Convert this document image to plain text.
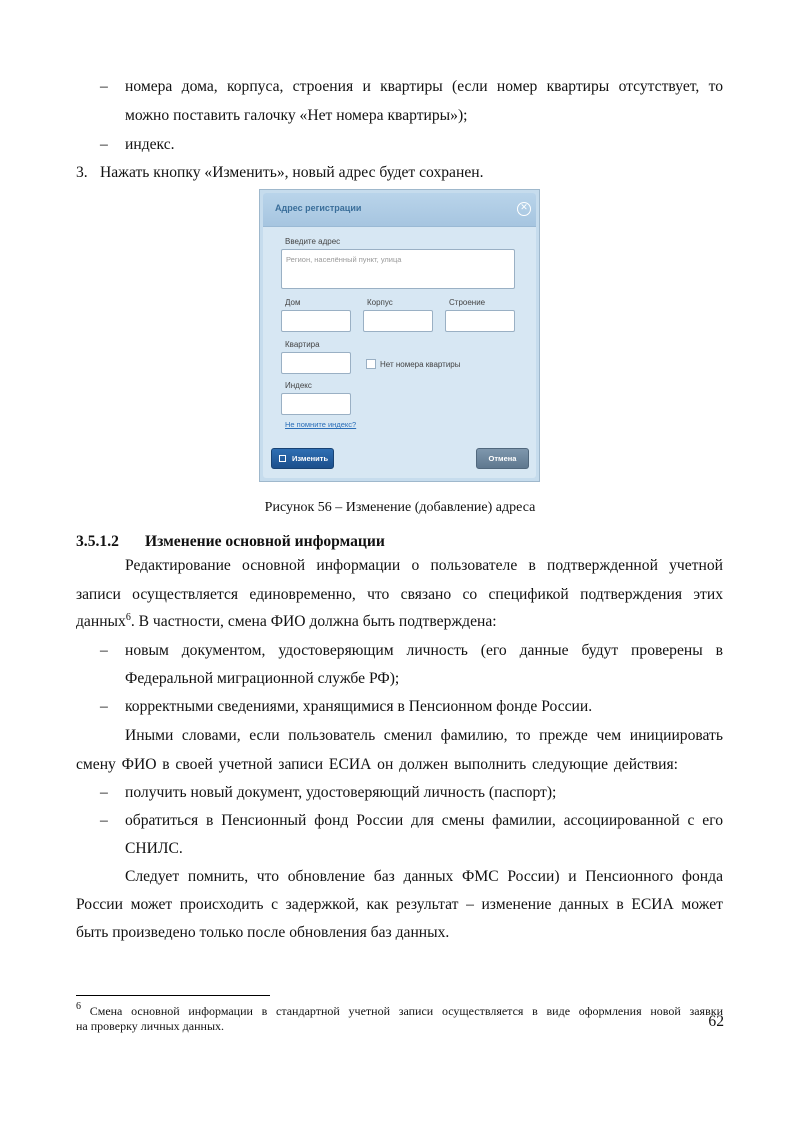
– номера дома, корпуса, строения и квартиры (если номер квартиры отсутствует, то
можно поставить галочку «Нет номера квартиры»);
– индекс.
3. Нажать кнопку «Изменить», новый адрес будет сохранен.
Адрес регистрации	✕
Введите адрес
Регион, населённый пункт, улица
Дом	Корпус	Строение
Квартира
Нет номера квартиры
Индекс
Не помните индекс?
Изменить	Отмена
Рисунок 56 – Изменение (добавление) адреса
3.5.1.2 Изменение основной информации
Редактирование основной информации о пользователе в подтвержденной учетной
записи осуществляется единовременно, что связано со спецификой подтверждения этих
данных$^6$. В частности, смена ФИО должна быть подтверждена:
– новым документом, удостоверяющим личность (его данные будут проверены в
Федеральной миграционной службе РФ);
– корректными сведениями, хранящимися в Пенсионном фонде России.
Иными словами, если пользователь сменил фамилию, то прежде чем инициировать
смену ФИО в своей учетной записи ЕСИА он должен выполнить следующие действия:
– получить новый документ, удостоверяющий личность (паспорт);
– обратиться в Пенсионный фонд России для смены фамилии, ассоциированной с его
СНИЛС.
Следует помнить, что обновление баз данных ФМС России) и Пенсионного фонда
России может происходить с задержкой, как результат – изменение данных в ЕСИА может
быть произведено только после обновления баз данных.
$^6$ Смена основной информации в стандартной учетной записи осуществляется в виде оформления новой заявки
на проверку личных данных.	62
